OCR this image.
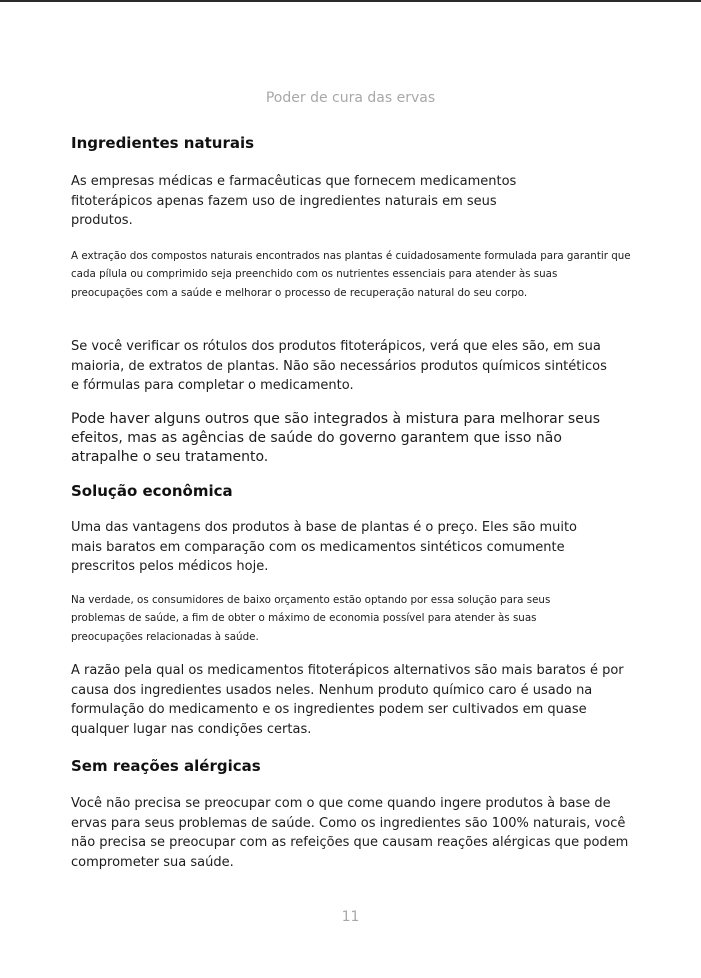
Poder de cura das ervas
Ingredientes naturais

As empresas médicas e farmacêuticas que fornecem medicamentos fitoterápicos apenas fazem uso de ingredientes naturais em seus produtos.

A extração dos compostos naturais encontrados nas plantas é cuidadosamente formulada para garantir que cada pílula ou comprimido seja preenchido com os nutrientes essenciais para atender às suas preocupações com a saúde e melhorar o processo de recuperação natural do seu corpo.

Se você verificar os rótulos dos produtos fitoterápicos, verá que eles são, em sua maioria, de extratos de plantas. Não são necessários produtos químicos sintéticos e fórmulas para completar o medicamento.

Pode haver alguns outros que são integrados à mistura para melhorar seus efeitos, mas as agências de saúde do governo garantem que isso não atrapalhe o seu tratamento.

Solução econômica

Uma das vantagens dos produtos à base de plantas é o preço. Eles são muito mais baratos em comparação com os medicamentos sintéticos comumente prescritos pelos médicos hoje.

Na verdade, os consumidores de baixo orçamento estão optando por essa solução para seus problemas de saúde, a fim de obter o máximo de economia possível para atender às suas preocupações relacionadas à saúde.

A razão pela qual os medicamentos fitoterápicos alternativos são mais baratos é por causa dos ingredientes usados neles. Nenhum produto químico caro é usado na formulação do medicamento e os ingredientes podem ser cultivados em quase qualquer lugar nas condições certas.

Sem reações alérgicas

Você não precisa se preocupar com o que come quando ingere produtos à base de ervas para seus problemas de saúde. Como os ingredientes são 100% naturais, você não precisa se preocupar com as refeições que causam reações alérgicas que podem comprometer sua saúde.

11
